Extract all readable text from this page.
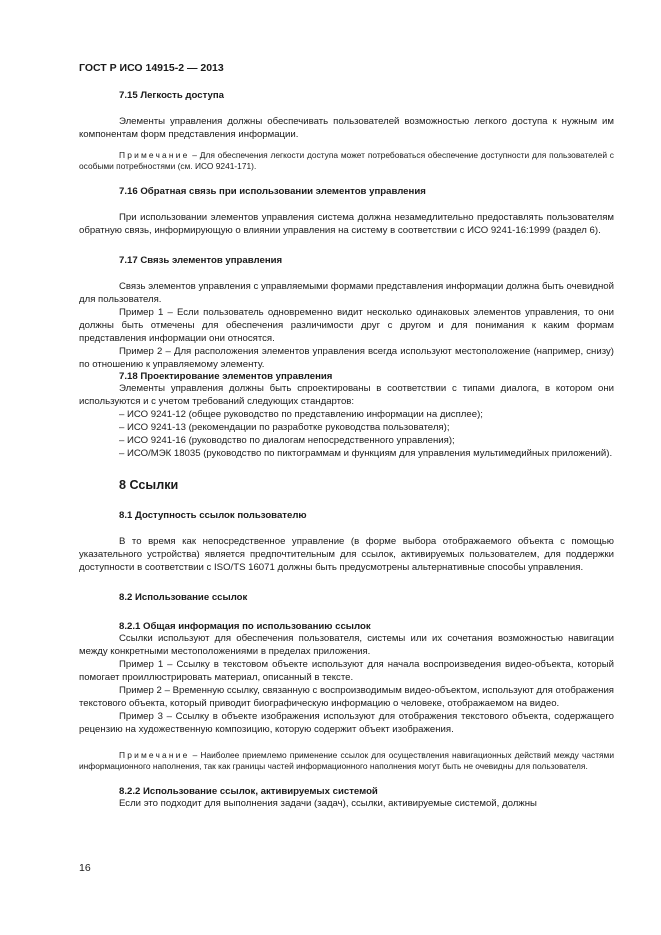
ГОСТ Р ИСО 14915-2 — 2013
7.15 Легкость доступа

Элементы управления должны обеспечивать пользователей возможностью легкого доступа к нужным им компонентам форм представления информации.

Примечание – Для обеспечения легкости доступа может потребоваться обеспечение доступности для пользователей с особыми потребностями (см. ИСО 9241-171).
7.16 Обратная связь при использовании элементов управления

При использовании элементов управления система должна незамедлительно предоставлять пользователям обратную связь, информирующую о влиянии управления на систему в соответствии с ИСО 9241-16:1999 (раздел 6).

7.17 Связь элементов управления

Связь элементов управления с управляемыми формами представления информации должна быть очевидной для пользователя.

Пример 1 – Если пользователь одновременно видит несколько одинаковых элементов управления, то они должны быть отмечены для обеспечения различимости друг с другом и для понимания к каким формам представления информации они относятся.

Пример 2 – Для расположения элементов управления всегда используют местоположение (например, снизу) по отношению к управляемому элементу.

7.18 Проектирование элементов управления

Элементы управления должны быть спроектированы в соответствии с типами диалога, в котором они используются и с учетом требований следующих стандартов:

– ИСО 9241-12 (общее руководство по представлению информации на дисплее);
– ИСО 9241-13 (рекомендации по разработке руководства пользователя);
– ИСО 9241-16 (руководство по диалогам непосредственного управления);

– ИСО/МЭК 18035 (руководство по пиктограммам и функциям для управления мультимедийных приложений).

8 Ссылки
8.1 Доступность ссылок пользователю

В то время как непосредственное управление (в форме выбора отображаемого объекта с помощью указательного устройства) является предпочтительным для ссылок, активируемых пользователем, для поддержки доступности в соответствии с ISO/TS 16071 должны быть предусмотрены альтернативные способы управления.

8.2 Использование ссылок
8.2.1 Общая информация по использованию ссылок

Ссылки используют для обеспечения пользователя, системы или их сочетания возможностью навигации между конкретными местоположениями в пределах приложения.

Пример 1 – Ссылку в текстовом объекте используют для начала воспроизведения видео-объекта, который помогает проиллюстрировать материал, описанный в тексте.

Пример 2 – Временную ссылку, связанную с воспроизводимым видео-объектом, используют для отображения текстового объекта, который приводит биографическую информацию о человеке, отображаемом на видео.

Пример 3 – Ссылку в объекте изображения используют для отображения текстового объекта, содержащего рецензию на художественную композицию, которую содержит объект изображения.

Примечание – Наиболее приемлемо применение ссылок для осуществления навигационных действий между частями информационного наполнения, так как границы частей информационного наполнения могут быть не очевидны для пользователя.
8.2.2 Использование ссылок, активируемых системой

Если это подходит для выполнения задачи (задач), ссылки, активируемые системой, должны

16
